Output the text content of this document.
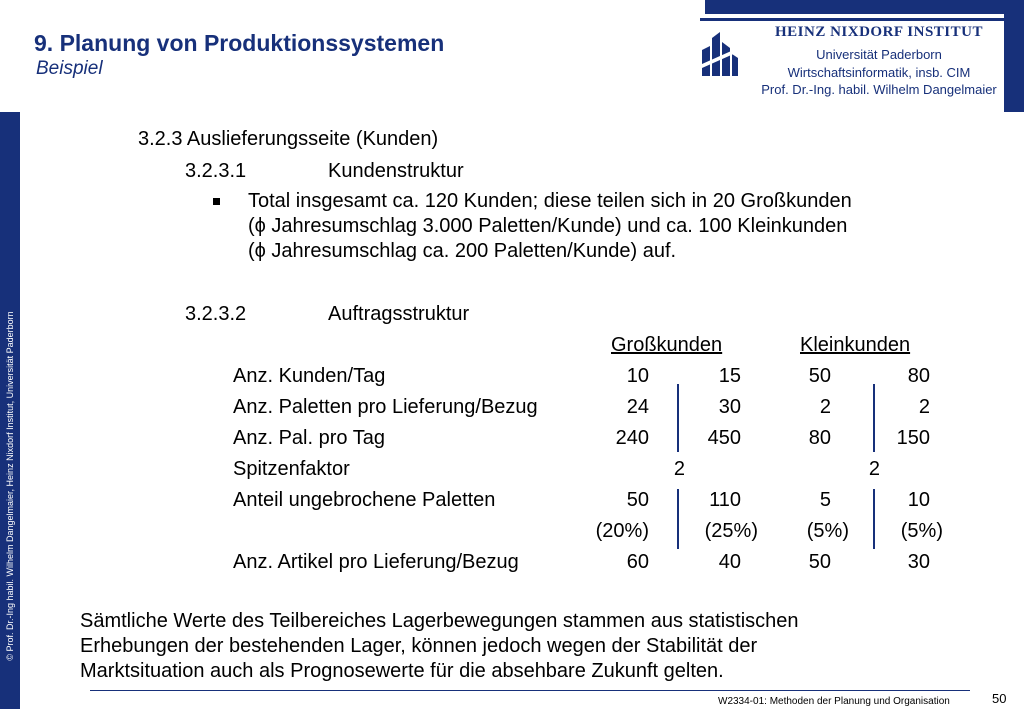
© Prof. Dr.-Ing habil. Wilhelm Dangelmaier, Heinz Nixdorf Institut, Universität Paderborn
9. Planung von Produktionssystemen
Beispiel
HEINZ NIXDORF INSTITUT
Universität Paderborn
Wirtschaftsinformatik, insb. CIM
Prof. Dr.-Ing. habil. Wilhelm Dangelmaier
3.2.3 Auslieferungsseite (Kunden)
3.2.3.1	Kundenstruktur
Total insgesamt ca. 120 Kunden; diese teilen sich in 20 Großkunden
(ϕ Jahresumschlag 3.000 Paletten/Kunde) und ca. 100 Kleinkunden
(ϕ Jahresumschlag ca. 200 Paletten/Kunde) auf.
3.2.3.2	Auftragsstruktur
Großkunden	Kleinkunden
Anz. Kunden/Tag	10	15	50	80
Anz. Paletten pro Lieferung/Bezug	24	30	2	2
Anz. Pal. pro Tag	240	450	80	150
Spitzenfaktor	2	2
Anteil ungebrochene Paletten	50	110	5	10
(20%)	(25%)	(5%)	(5%)
Anz. Artikel pro Lieferung/Bezug	60	40	50	30
Sämtliche Werte des Teilbereiches Lagerbewegungen stammen aus statistischen
Erhebungen der bestehenden Lager, können jedoch wegen der Stabilität der
Marktsituation auch als Prognosewerte für die absehbare Zukunft gelten.
W2334-01: Methoden der Planung und Organisation	50
